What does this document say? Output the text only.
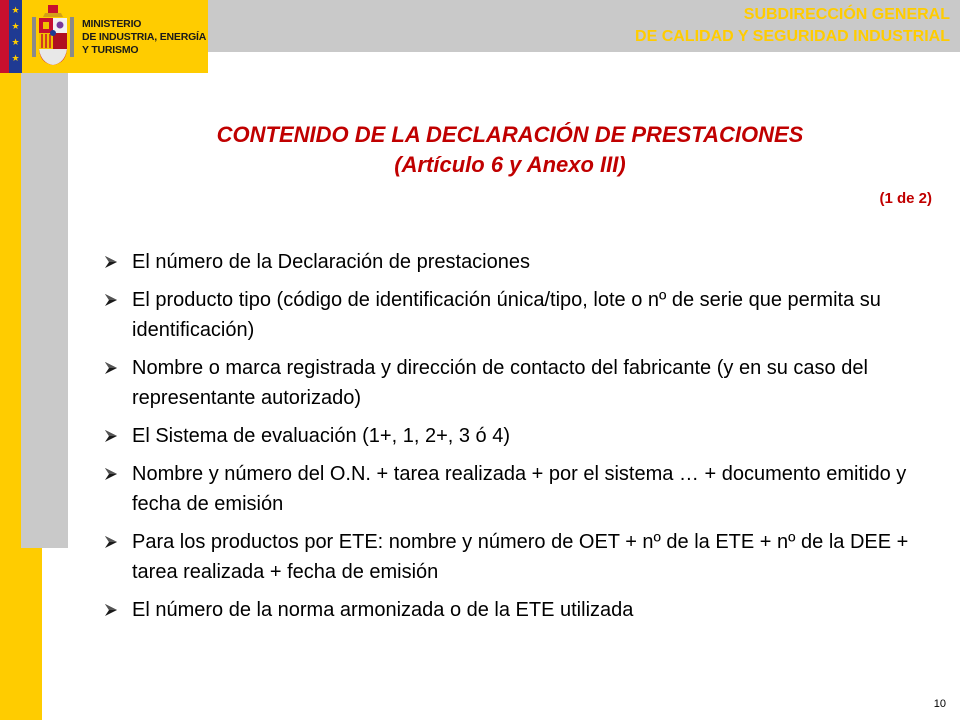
★
★
★
★
MINISTERIO
DE INDUSTRIA, ENERGÍA
Y TURISMO
SUBDIRECCIÓN GENERAL
DE CALIDAD Y SEGURIDAD INDUSTRIAL
CONTENIDO DE LA DECLARACIÓN DE PRESTACIONES
(Artículo 6 y Anexo III)
(1 de 2)
El número de la Declaración de prestaciones
El producto tipo (código de identificación única/tipo, lote o nº de serie que permita su identificación)
Nombre o marca registrada y dirección de contacto del fabricante (y en su caso del representante autorizado)
El Sistema de evaluación (1+, 1, 2+, 3 ó 4)
Nombre y número del O.N. + tarea realizada + por el sistema … + documento emitido y fecha de emisión
Para los productos por ETE: nombre y número de OET + nº de la ETE + nº de la DEE + tarea realizada + fecha de emisión
El número de la norma armonizada o de la ETE utilizada
10
